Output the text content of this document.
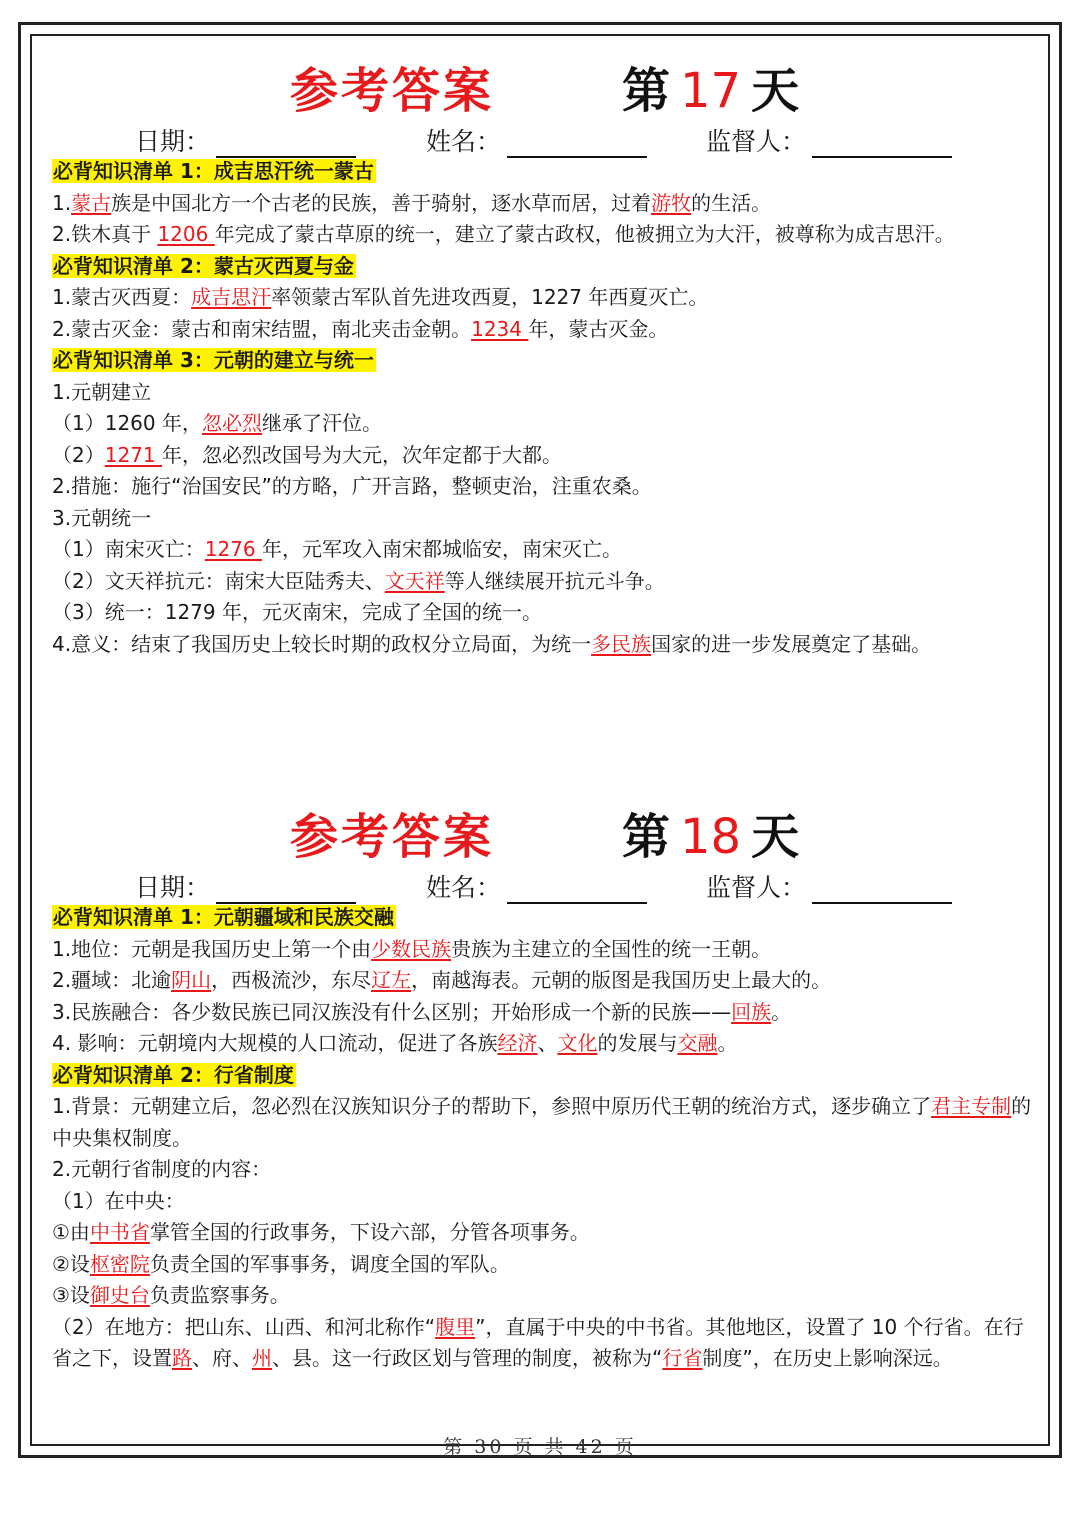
参考答案	第 17 天
日期：	姓名：	监督人：

必背知识清单 1：成吉思汗统一蒙古

1.蒙古族是中国北方一个古老的民族，善于骑射，逐水草而居，过着游牧的生活。

2.铁木真于 1206 年完成了蒙古草原的统一，建立了蒙古政权，他被拥立为大汗，被尊称为成吉思汗。

必背知识清单 2：蒙古灭西夏与金

1.蒙古灭西夏：成吉思汗率领蒙古军队首先进攻西夏，1227 年西夏灭亡。

2.蒙古灭金：蒙古和南宋结盟，南北夹击金朝。1234 年，蒙古灭金。

必背知识清单 3：元朝的建立与统一

1.元朝建立

（1）1260 年，忽必烈继承了汗位。

（2）1271 年，忽必烈改国号为大元，次年定都于大都。

2.措施：施行“治国安民”的方略，广开言路，整顿吏治，注重农桑。

3.元朝统一

（1）南宋灭亡：1276 年，元军攻入南宋都城临安，南宋灭亡。

（2）文天祥抗元：南宋大臣陆秀夫、文天祥等人继续展开抗元斗争。

（3）统一：1279 年，元灭南宋，完成了全国的统一。

4.意义：结束了我国历史上较长时期的政权分立局面，为统一多民族国家的进一步发展奠定了基础。

参考答案	第 18 天
日期：	姓名：	监督人：

必背知识清单 1：元朝疆域和民族交融

1.地位：元朝是我国历史上第一个由少数民族贵族为主建立的全国性的统一王朝。

2.疆域：北逾阴山，西极流沙，东尽辽左，南越海表。元朝的版图是我国历史上最大的。

3.民族融合：各少数民族已同汉族没有什么区别；开始形成一个新的民族——回族。

4. 影响：元朝境内大规模的人口流动，促进了各族经济、文化的发展与交融。

必背知识清单 2：行省制度

1.背景：元朝建立后，忽必烈在汉族知识分子的帮助下，参照中原历代王朝的统治方式，逐步确立了君主专制的中央集权制度。

2.元朝行省制度的内容：

（1）在中央：

①由中书省掌管全国的行政事务，下设六部，分管各项事务。

②设枢密院负责全国的军事事务，调度全国的军队。

③设御史台负责监察事务。

（2）在地方：把山东、山西、和河北称作“腹里”，直属于中央的中书省。其他地区，设置了 10 个行省。在行省之下，设置路、府、州、县。这一行政区划与管理的制度，被称为“行省制度”，在历史上影响深远。

第 30 页 共 42 页
